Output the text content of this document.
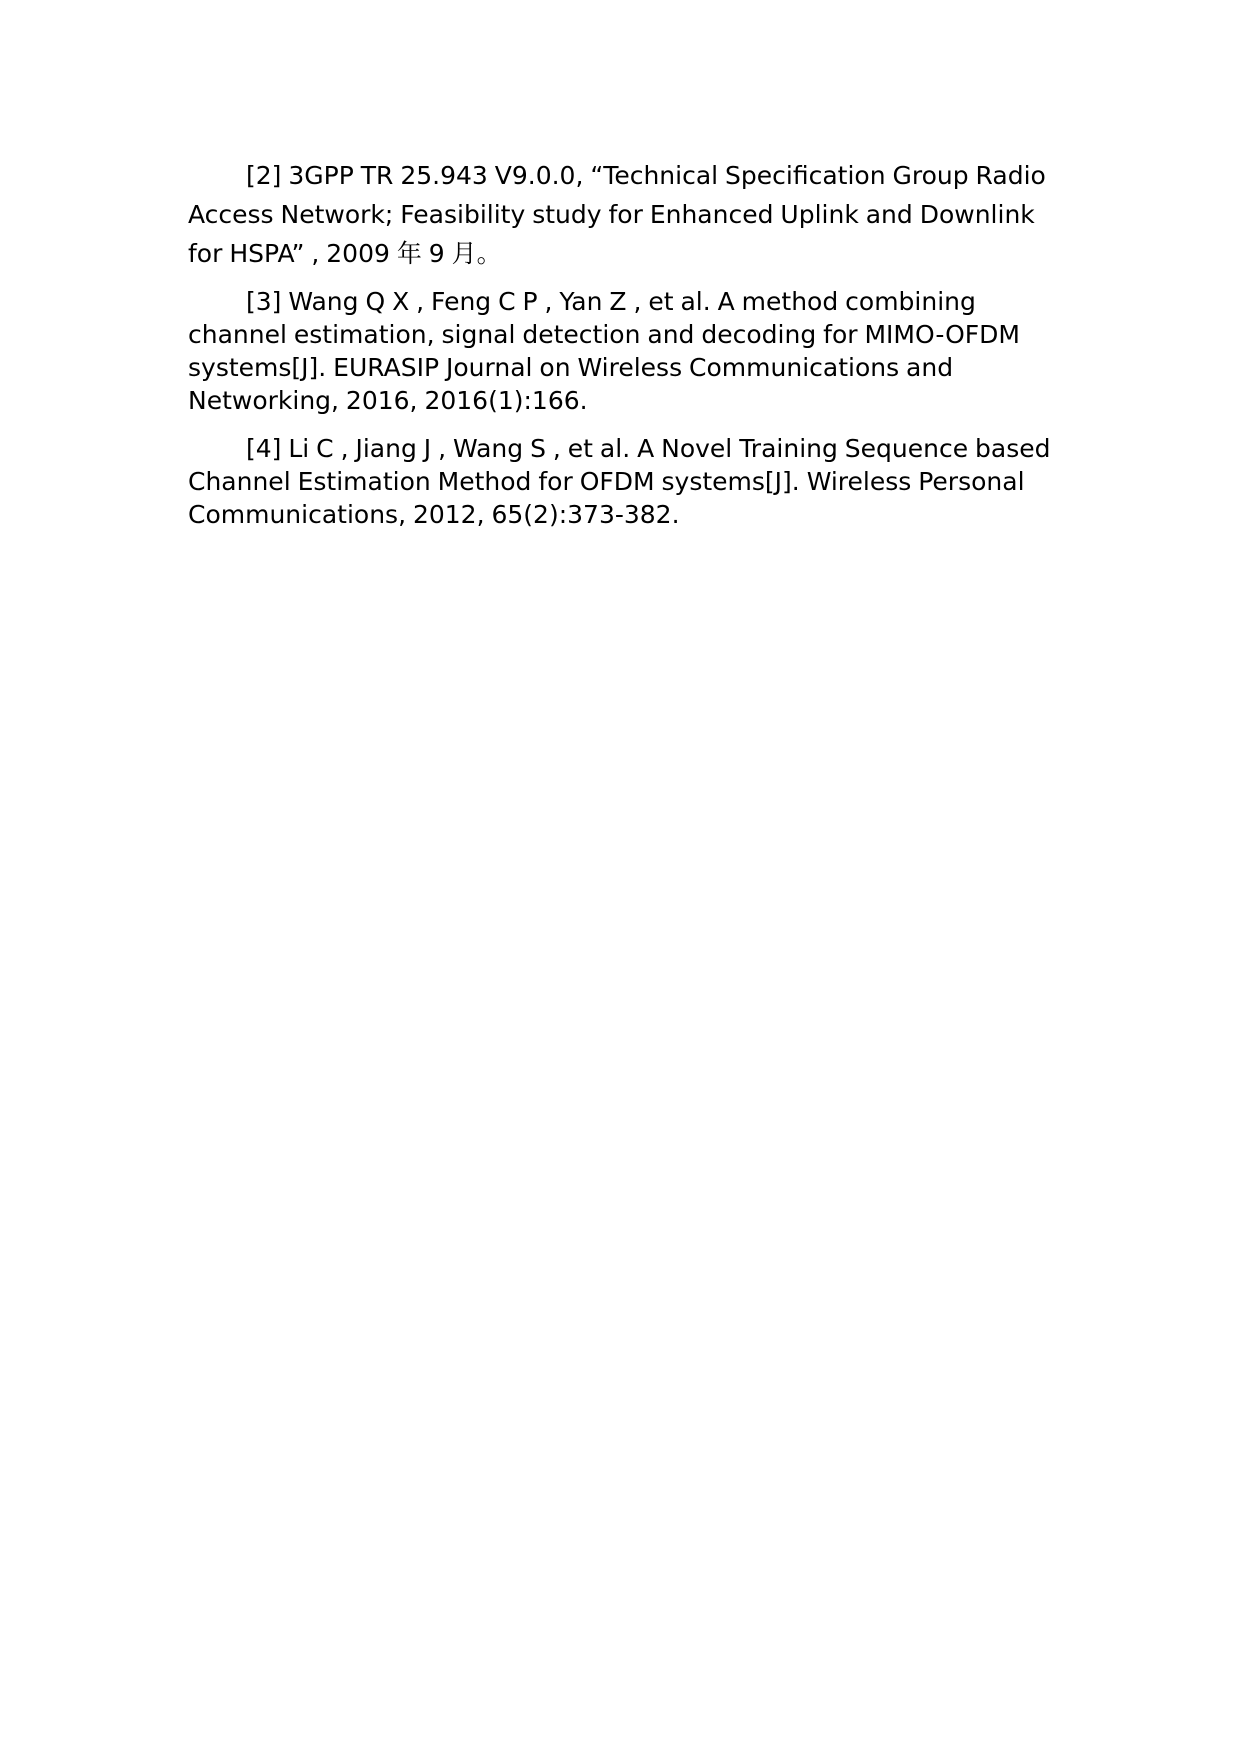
[2] 3GPP TR 25.943 V9.0.0, “Technical Specification Group Radio Access Network; Feasibility study for Enhanced Uplink and Downlink for HSPA” , 2009 年 9 月。

[3] Wang Q X , Feng C P , Yan Z , et al. A method combining channel estimation, signal detection and decoding for MIMO-OFDM systems[J]. EURASIP Journal on Wireless Communications and Networking, 2016, 2016(1):166.

[4] Li C , Jiang J , Wang S , et al. A Novel Training Sequence based Channel Estimation Method for OFDM systems[J]. Wireless Personal Communications, 2012, 65(2):373-382.
